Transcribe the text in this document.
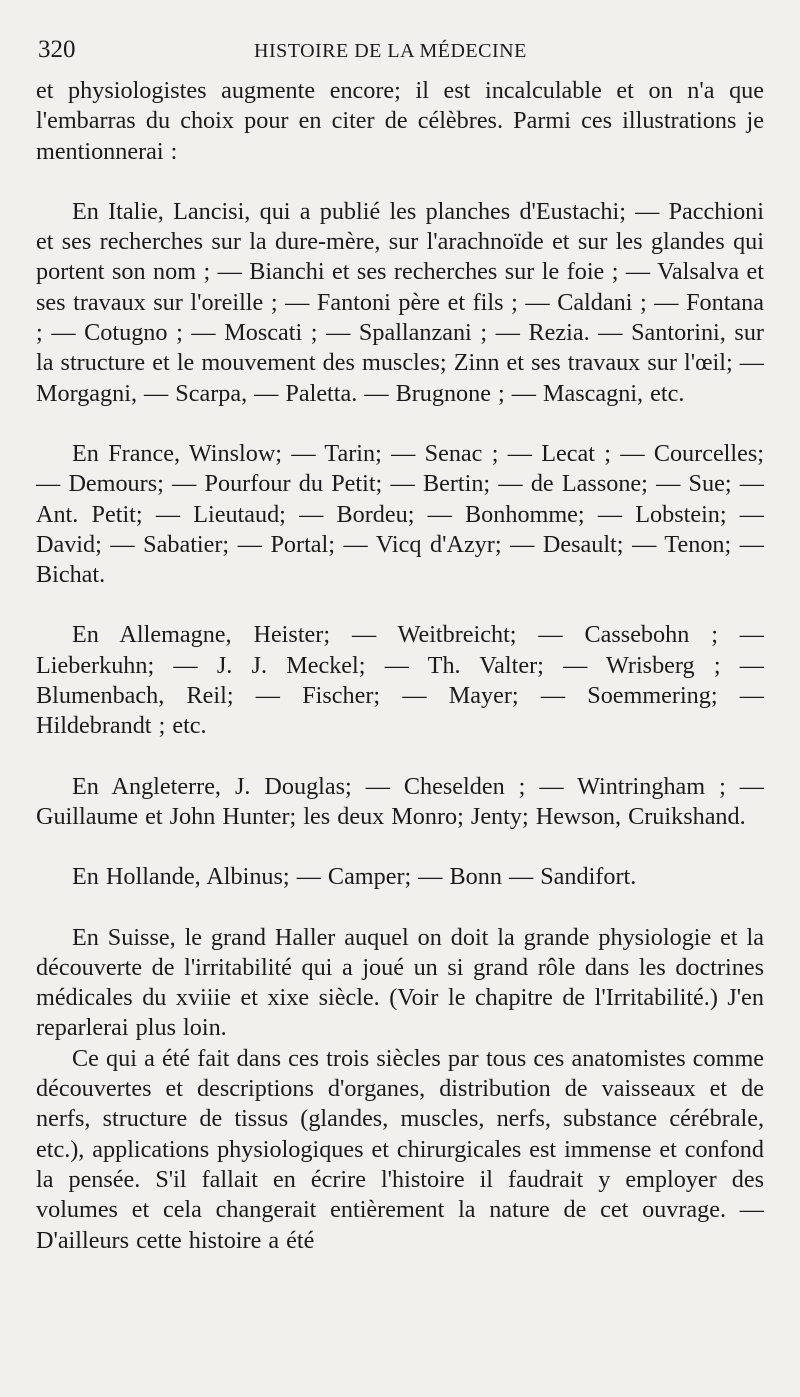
320	HISTOIRE DE LA MÉDECINE

et physiologistes augmente encore; il est incalculable et on n'a que l'embarras du choix pour en citer de célèbres. Parmi ces illustrations je mentionnerai :

En Italie, Lancisi, qui a publié les planches d'Eustachi; — Pacchioni et ses recherches sur la dure-mère, sur l'arachnoïde et sur les glandes qui portent son nom ; — Bianchi et ses recherches sur le foie ; — Valsalva et ses travaux sur l'oreille ; — Fantoni père et fils ; — Caldani ; — Fontana ; — Cotugno ; — Moscati ; — Spallanzani ; — Rezia. — Santorini, sur la structure et le mouvement des muscles; Zinn et ses travaux sur l'œil; — Morgagni, — Scarpa, — Paletta. — Brugnone ; — Mascagni, etc.

En France, Winslow; — Tarin; — Senac ; — Lecat ; — Courcelles; — Demours; — Pourfour du Petit; — Bertin; — de Lassone; — Sue; — Ant. Petit; — Lieutaud; — Bordeu; — Bonhomme; — Lobstein; — David; — Sabatier; — Portal; — Vicq d'Azyr; — Desault; — Tenon; — Bichat.

En Allemagne, Heister; — Weitbreicht; — Cassebohn ; — Lieberkuhn; — J. J. Meckel; — Th. Valter; — Wrisberg ; — Blumenbach, Reil; — Fischer; — Mayer; — Soemmering; — Hildebrandt ; etc.

En Angleterre, J. Douglas; — Cheselden ; — Wintringham ; — Guillaume et John Hunter; les deux Monro; Jenty; Hewson, Cruikshand.

En Hollande, Albinus; — Camper; — Bonn — Sandifort.

En Suisse, le grand Haller auquel on doit la grande physiologie et la découverte de l'irritabilité qui a joué un si grand rôle dans les doctrines médicales du xviiie et xixe siècle. (Voir le chapitre de l'Irritabilité.) J'en reparlerai plus loin.

Ce qui a été fait dans ces trois siècles par tous ces anatomistes comme découvertes et descriptions d'organes, distribution de vaisseaux et de nerfs, structure de tissus (glandes, muscles, nerfs, substance cérébrale, etc.), applications physiologiques et chirurgicales est immense et confond la pensée. S'il fallait en écrire l'histoire il faudrait y employer des volumes et cela changerait entièrement la nature de cet ouvrage. — D'ailleurs cette histoire a été
